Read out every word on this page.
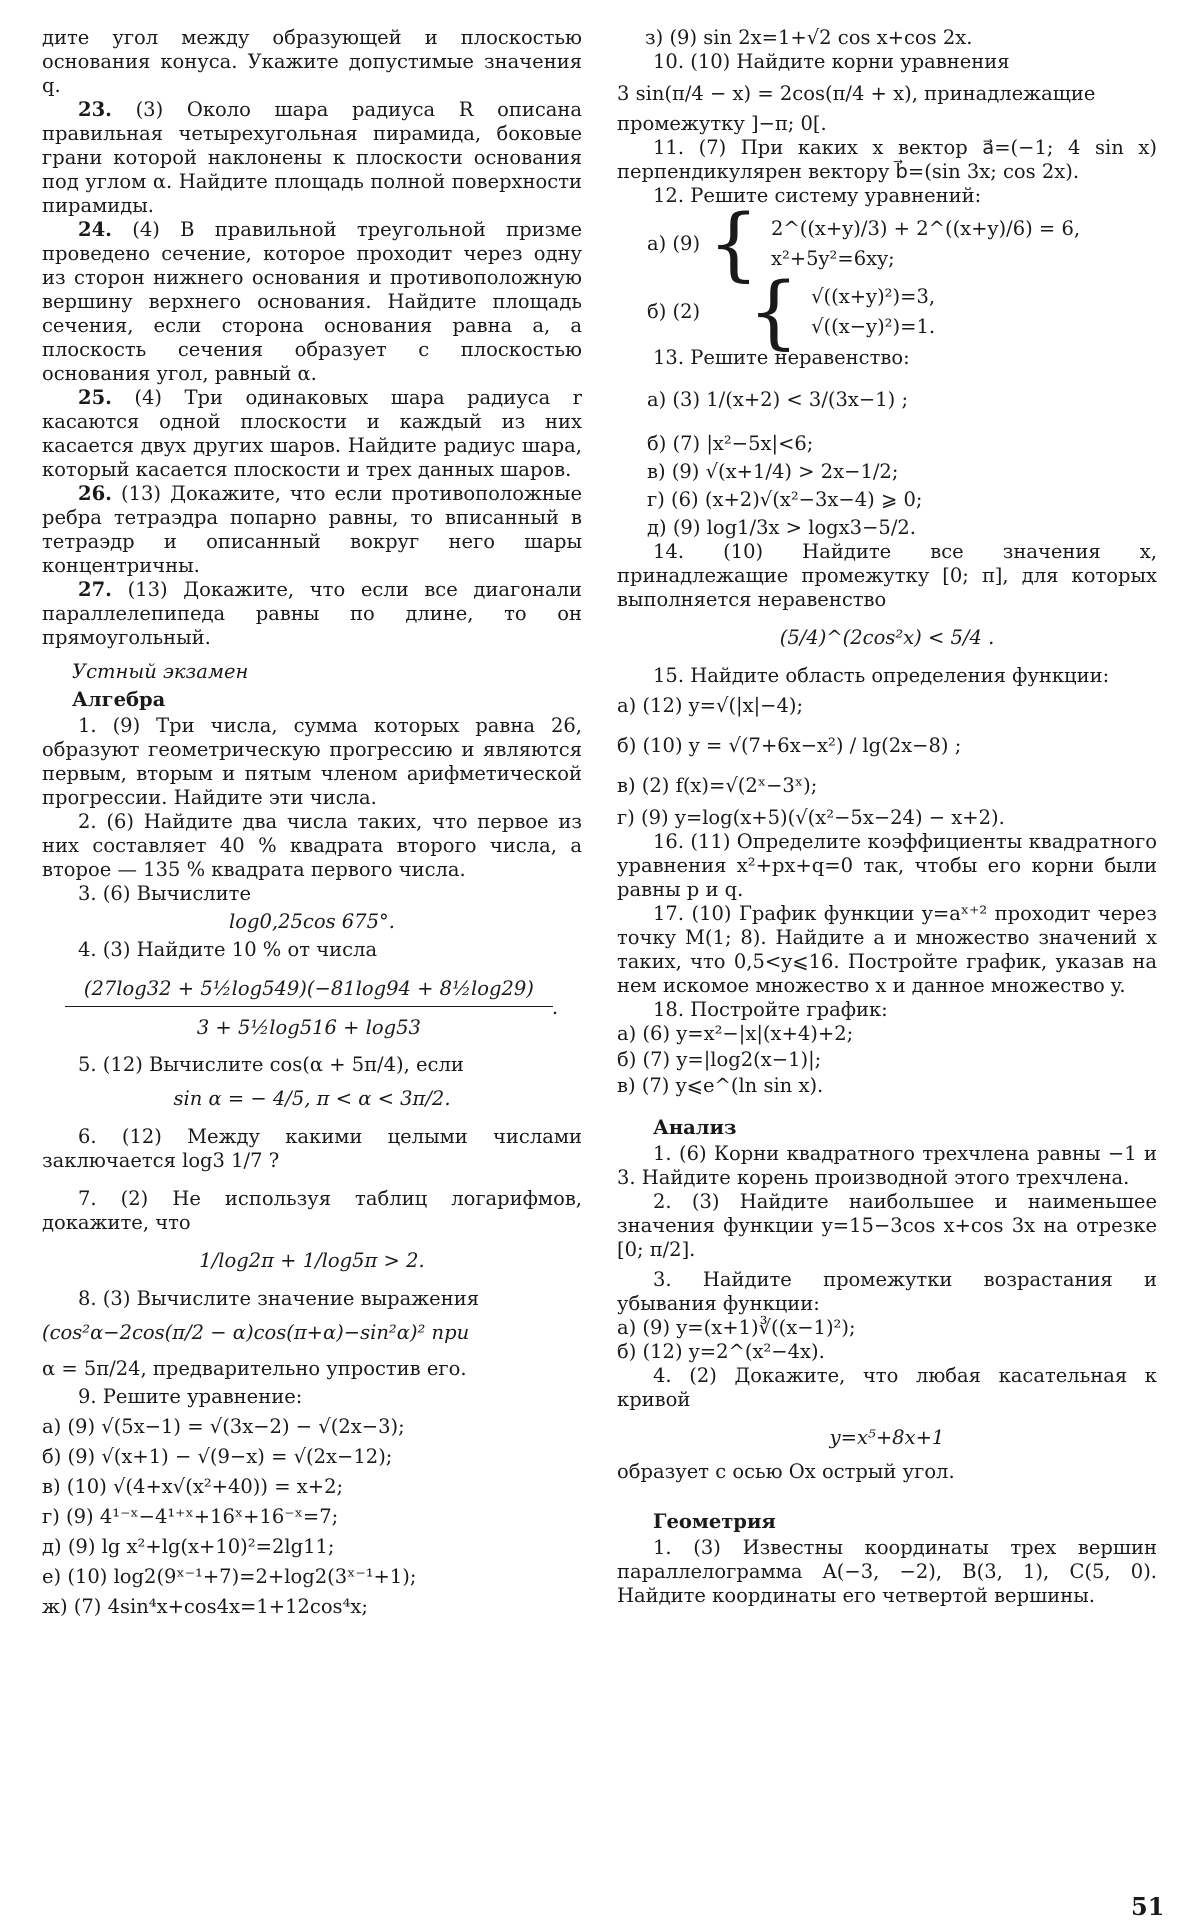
дите угол между образующей и плоскостью основания конуса. Укажите допустимые значения q.

23. (3) Около шара радиуса R описана правильная четырехугольная пирамида, боковые грани которой наклонены к плоскости основания под углом α. Найдите площадь полной поверхности пирамиды.

24. (4) В правильной треугольной призме проведено сечение, которое проходит через одну из сторон нижнего основания и противоположную вершину верхнего основания. Найдите площадь сечения, если сторона основания равна a, а плоскость сечения образует с плоскостью основания угол, равный α.

25. (4) Три одинаковых шара радиуса r касаются одной плоскости и каждый из них касается двух других шаров. Найдите радиус шара, который касается плоскости и трех данных шаров.

26. (13) Докажите, что если противоположные ребра тетраэдра попарно равны, то вписанный в тетраэдр и описанный вокруг него шары концентричны.

27. (13) Докажите, что если все диагонали параллелепипеда равны по длине, то он прямоугольный.

Устный экзамен
Алгебра

1. (9) Три числа, сумма которых равна 26, образуют геометрическую прогрессию и являются первым, вторым и пятым членом арифметической прогрессии. Найдите эти числа.

2. (6) Найдите два числа таких, что первое из них составляет 40 % квадрата второго числа, а второе — 135 % квадрата первого числа.

3. (6) Вычислите

log0,25cos 675°.

4. (3) Найдите 10 % от числа

$\frac{\text{(27log32 + 5½log549)(−81log94 + 8½log29)}}{\text{3 + 5½log516 + log53}}$ .

5. (12) Вычислите cos(α + 5π/4), если

sin α = − 4/5, π < α < 3π/2.

6. (12) Между какими целыми числами заключается log3 1/7 ?

7. (2) Не используя таблиц логарифмов, докажите, что

1/log2π + 1/log5π > 2.

8. (3) Вычислите значение выражения

(cos²α−2cos(π/2 − α)cos(π+α)−sin²α)² при

α = 5π/24, предварительно упростив его.

9. Решите уравнение:

а) (9) √(5x−1) = √(3x−2) − √(2x−3);

б) (9) √(x+1) − √(9−x) = √(2x−12);

в) (10) √(4+x√(x²+40)) = x+2;

г) (9) 4¹⁻ˣ−4¹⁺ˣ+16ˣ+16⁻ˣ=7;

д) (9) lg x²+lg(x+10)²=2lg11;

е) (10) log2(9ˣ⁻¹+7)=2+log2(3ˣ⁻¹+1);

ж) (7) 4sin⁴x+cos4x=1+12cos⁴x;

з) (9) sin 2x=1+√2 cos x+cos 2x.

10. (10) Найдите корни уравнения

3 sin(π/4 − x) = 2cos(π/4 + x), принадлежащие

промежутку ]−π; 0[.

11. (7) При каких x вектор a⃗=(−1; 4 sin x) перпендикулярен вектору b⃗=(sin 3x; cos 2x).

12. Решите систему уравнений:

а) (9) { 2^((x+y)/3) + 2^((x+y)/6) = 6,
x²+5y²=6xy;
б) (2) { √((x+y)²)=3,
√((x−y)²)=1.

13. Решите неравенство:

а) (3) 1/(x+2) < 3/(3x−1) ;

б) (7) |x²−5x|<6;

в) (9) √(x+1/4) > 2x−1/2;

г) (6) (x+2)√(x²−3x−4) ⩾ 0;

д) (9) log1/3x > logx3−5/2.

14. (10) Найдите все значения x, принадлежащие промежутку [0; π], для которых выполняется неравенство

(5/4)^(2cos²x) < 5/4 .

15. Найдите область определения функции:

а) (12) y=√(|x|−4);

б) (10) y = √(7+6x−x²) / lg(2x−8) ;

в) (2) f(x)=√(2ˣ−3ˣ);

г) (9) y=log(x+5)(√(x²−5x−24) − x+2).

16. (11) Определите коэффициенты квадратного уравнения x²+px+q=0 так, чтобы его корни были равны p и q.

17. (10) График функции y=aˣ⁺² проходит через точку M(1; 8). Найдите a и множество значений x таких, что 0,5<y⩽16. Постройте график, указав на нем искомое множество x и данное множество y.

18. Постройте график:

а) (6) y=x²−|x|(x+4)+2;

б) (7) y=|log2(x−1)|;

в) (7) y⩽e^(ln sin x).

Анализ

1. (6) Корни квадратного трехчлена равны −1 и 3. Найдите корень производной этого трехчлена.

2. (3) Найдите наибольшее и наименьшее значения функции y=15−3cos x+cos 3x на отрезке [0; π/2].

3. Найдите промежутки возрастания и убывания функции:

а) (9) y=(x+1)∛((x−1)²);

б) (12) y=2^(x²−4x).

4. (2) Докажите, что любая касательная к кривой

y=x⁵+8x+1

образует с осью Ox острый угол.

Геометрия

1. (3) Известны координаты трех вершин параллелограмма A(−3, −2), B(3, 1), C(5, 0). Найдите координаты его четвертой вершины.

51
